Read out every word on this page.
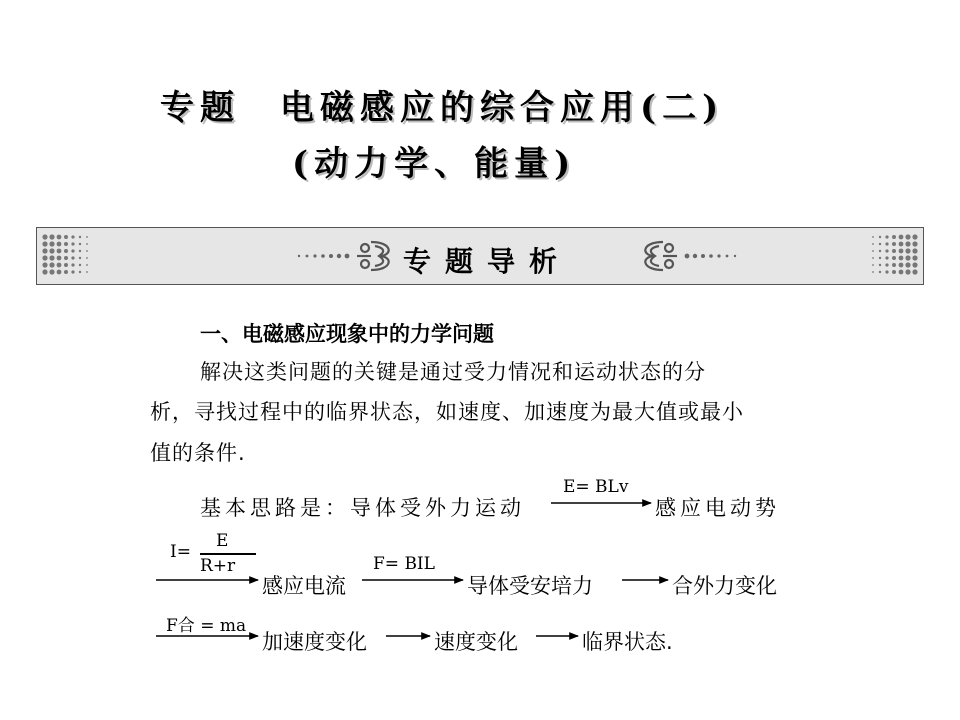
专题　电磁感应的综合应用(二)
(动力学、能量)
专题导析
一、电磁感应现象中的力学问题
解决这类问题的关键是通过受力情况和运动状态的分
析，寻找过程中的临界状态，如速度、加速度为最大值或最小
值的条件.
基本思路是：导体受外力运动	感应电动势
感应电流	导体受安培力	合外力变化
加速度变化	速度变化	临界状态.
E= BLv
I=
E
R+r	F= BIL
F合 = ma
